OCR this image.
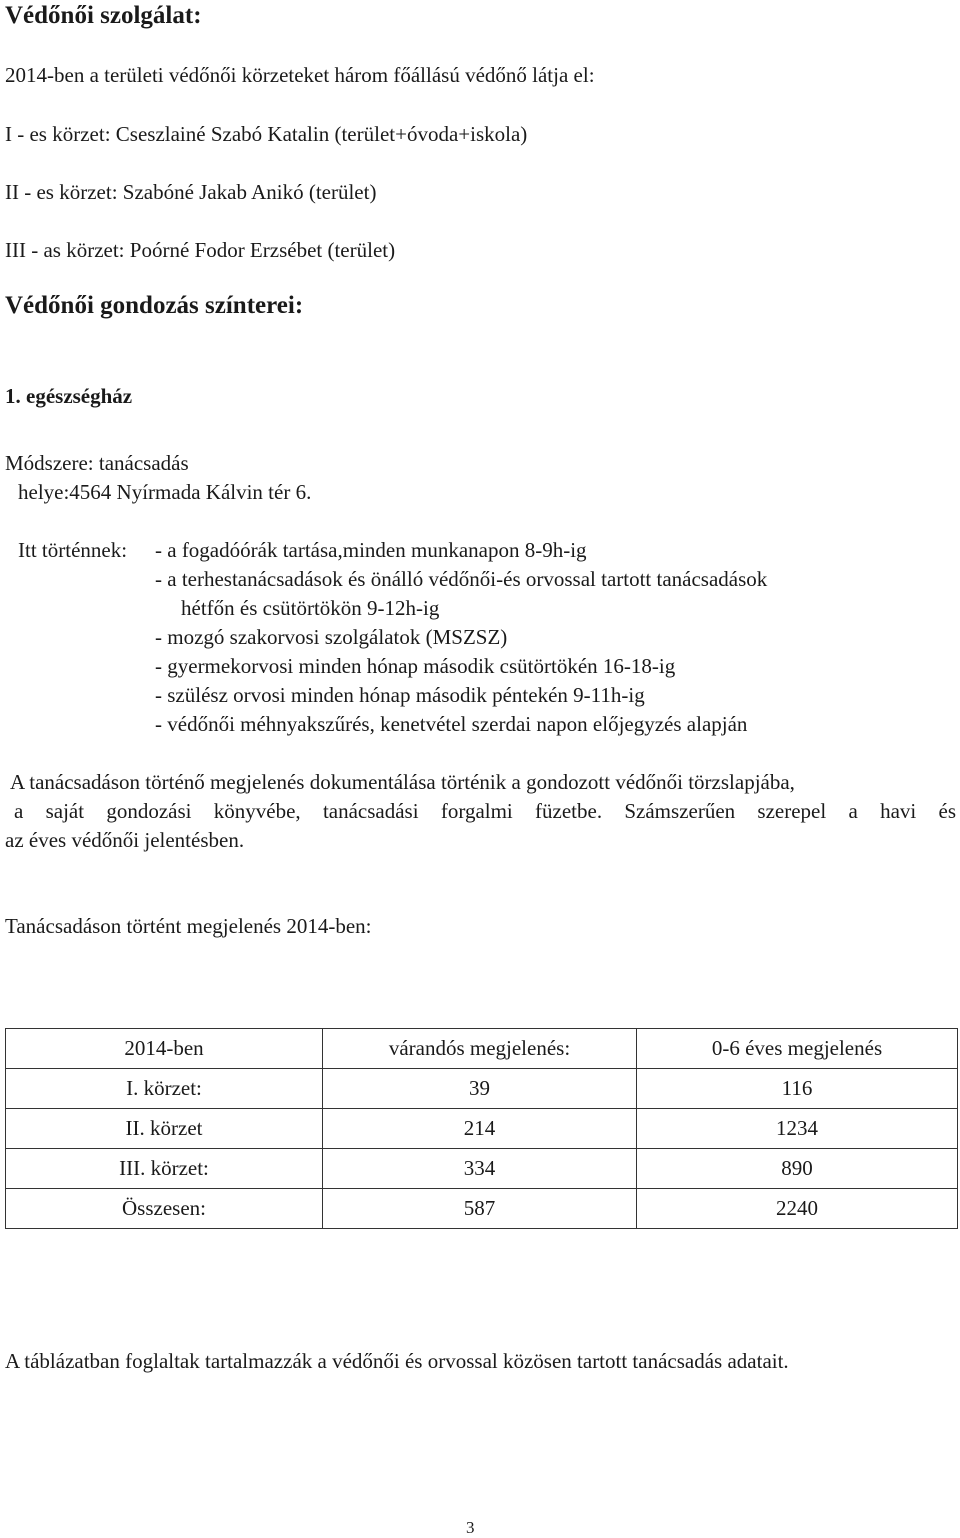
Védőnői szolgálat:
2014-ben a területi védőnői körzeteket három főállású védőnő látja el:
I - es körzet: Cseszlainé Szabó Katalin (terület+óvoda+iskola)
II - es körzet: Szabóné Jakab Anikó (terület)
III - as körzet: Poórné Fodor Erzsébet (terület)
Védőnői gondozás színterei:
1. egészségház
Módszere: tanácsadás
helye:4564 Nyírmada Kálvin tér 6.
Itt történnek: - a fogadóórák tartása,minden munkanapon 8-9h-ig
- a terhestanácsadások és önálló védőnői-és orvossal tartott tanácsadások
hétfőn és csütörtökön 9-12h-ig
- mozgó szakorvosi szolgálatok (MSZSZ)
- gyermekorvosi minden hónap második csütörtökén 16-18-ig
- szülész orvosi minden hónap második péntekén 9-11h-ig
- védőnői méhnyakszűrés, kenetvétel szerdai napon előjegyzés alapján
A tanácsadáson történő megjelenés dokumentálása történik a gondozott védőnői törzslapjába,
a saját gondozási könyvébe, tanácsadási forgalmi füzetbe. Számszerűen szerepel a havi és
az éves védőnői jelentésben.
Tanácsadáson történt megjelenés 2014-ben:
2014-ben	várandós megjelenés:	0-6 éves megjelenés
I. körzet:	39	116
II. körzet	214	1234
III. körzet:	334	890
Összesen:	587	2240
A táblázatban foglaltak tartalmazzák a védőnői és orvossal közösen tartott tanácsadás adatait.
3
